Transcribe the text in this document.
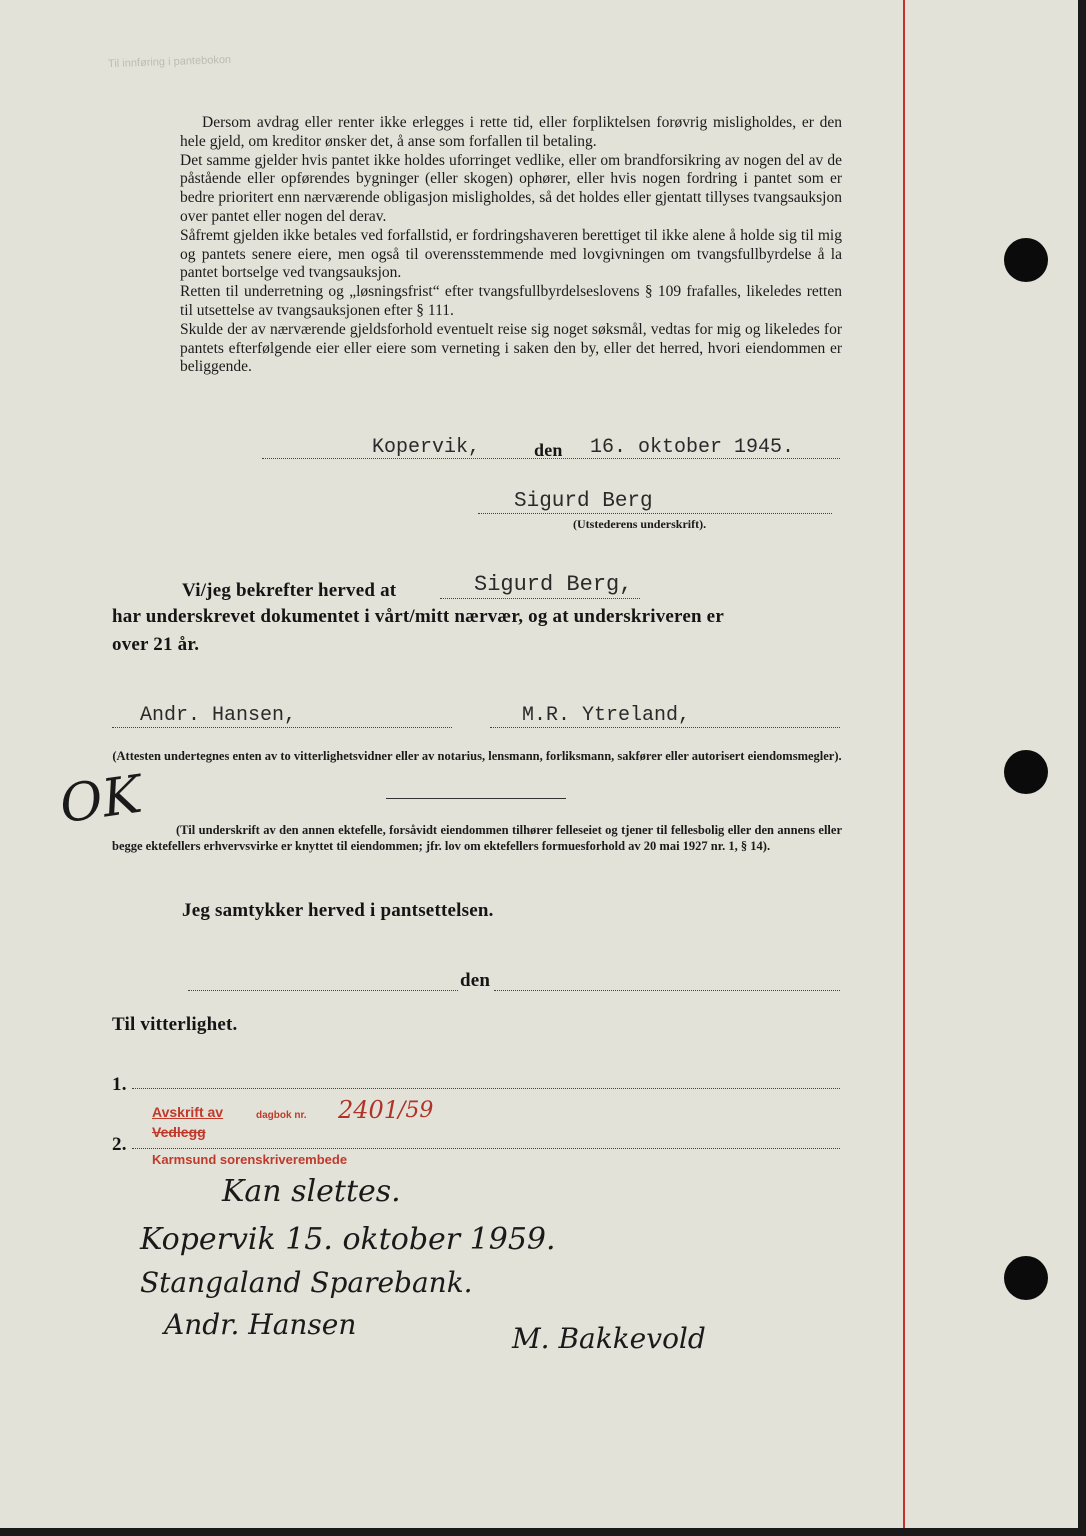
Til innføring i pantebokon

Dersom avdrag eller renter ikke erlegges i rette tid, eller forpliktelsen forøvrig misligholdes, er den hele gjeld, om kreditor ønsker det, å anse som forfallen til betaling.

Det samme gjelder hvis pantet ikke holdes uforringet vedlike, eller om brandforsikring av nogen del av de påstående eller opførendes bygninger (eller skogen) ophører, eller hvis nogen fordring i pantet som er bedre prioritert enn nærværende obligasjon misligholdes, så det holdes eller gjentatt tillyses tvangsauksjon over pantet eller nogen del derav.

Såfremt gjelden ikke betales ved forfallstid, er fordringshaveren berettiget til ikke alene å holde sig til mig og pantets senere eiere, men også til overensstemmende med lovgivningen om tvangsfullbyrdelse å la pantet bortselge ved tvangsauksjon.

Retten til underretning og „løsningsfrist“ efter tvangsfullbyrdelseslovens § 109 frafalles, likeledes retten til utsettelse av tvangsauksjonen efter § 111.

Skulde der av nærværende gjeldsforhold eventuelt reise sig noget søksmål, vedtas for mig og likeledes for pantets efterfølgende eier eller eiere som verneting i saken den by, eller det herred, hvori eiendommen er beliggende.

Kopervik,	den 16. oktober 1945.
Sigurd Berg
(Utstederens underskrift).
Vi/jeg bekrefter herved at	Sigurd Berg,
har underskrevet dokumentet i vårt/mitt nærvær, og at underskriveren er
over 21 år.
Andr. Hansen,	M.R. Ytreland,
(Attesten undertegnes enten av to vitterlighetsvidner eller av notarius, lensmann, forliksmann, sakfører eller autorisert eiendomsmegler).
OK	(Til underskrift av den annen ektefelle, forsåvidt eiendommen tilhører felleseiet og tjener til fellesbolig eller den annens eller begge ektefellers erhvervsvirke er knyttet til eiendommen; jfr. lov om ektefellers formuesforhold av 20 mai 1927 nr. 1, § 14).
Jeg samtykker herved i pantsettelsen.
den
Til vitterlighet.
1.
2.
Avskrift av	dagbok nr. 2401
/59
Vedlegg
Karmsund sorenskriverembede
Kan slettes.
Kopervik 15. oktober 1959.
Stangaland Sparebank.
Andr. Hansen	M. Bakkevold
